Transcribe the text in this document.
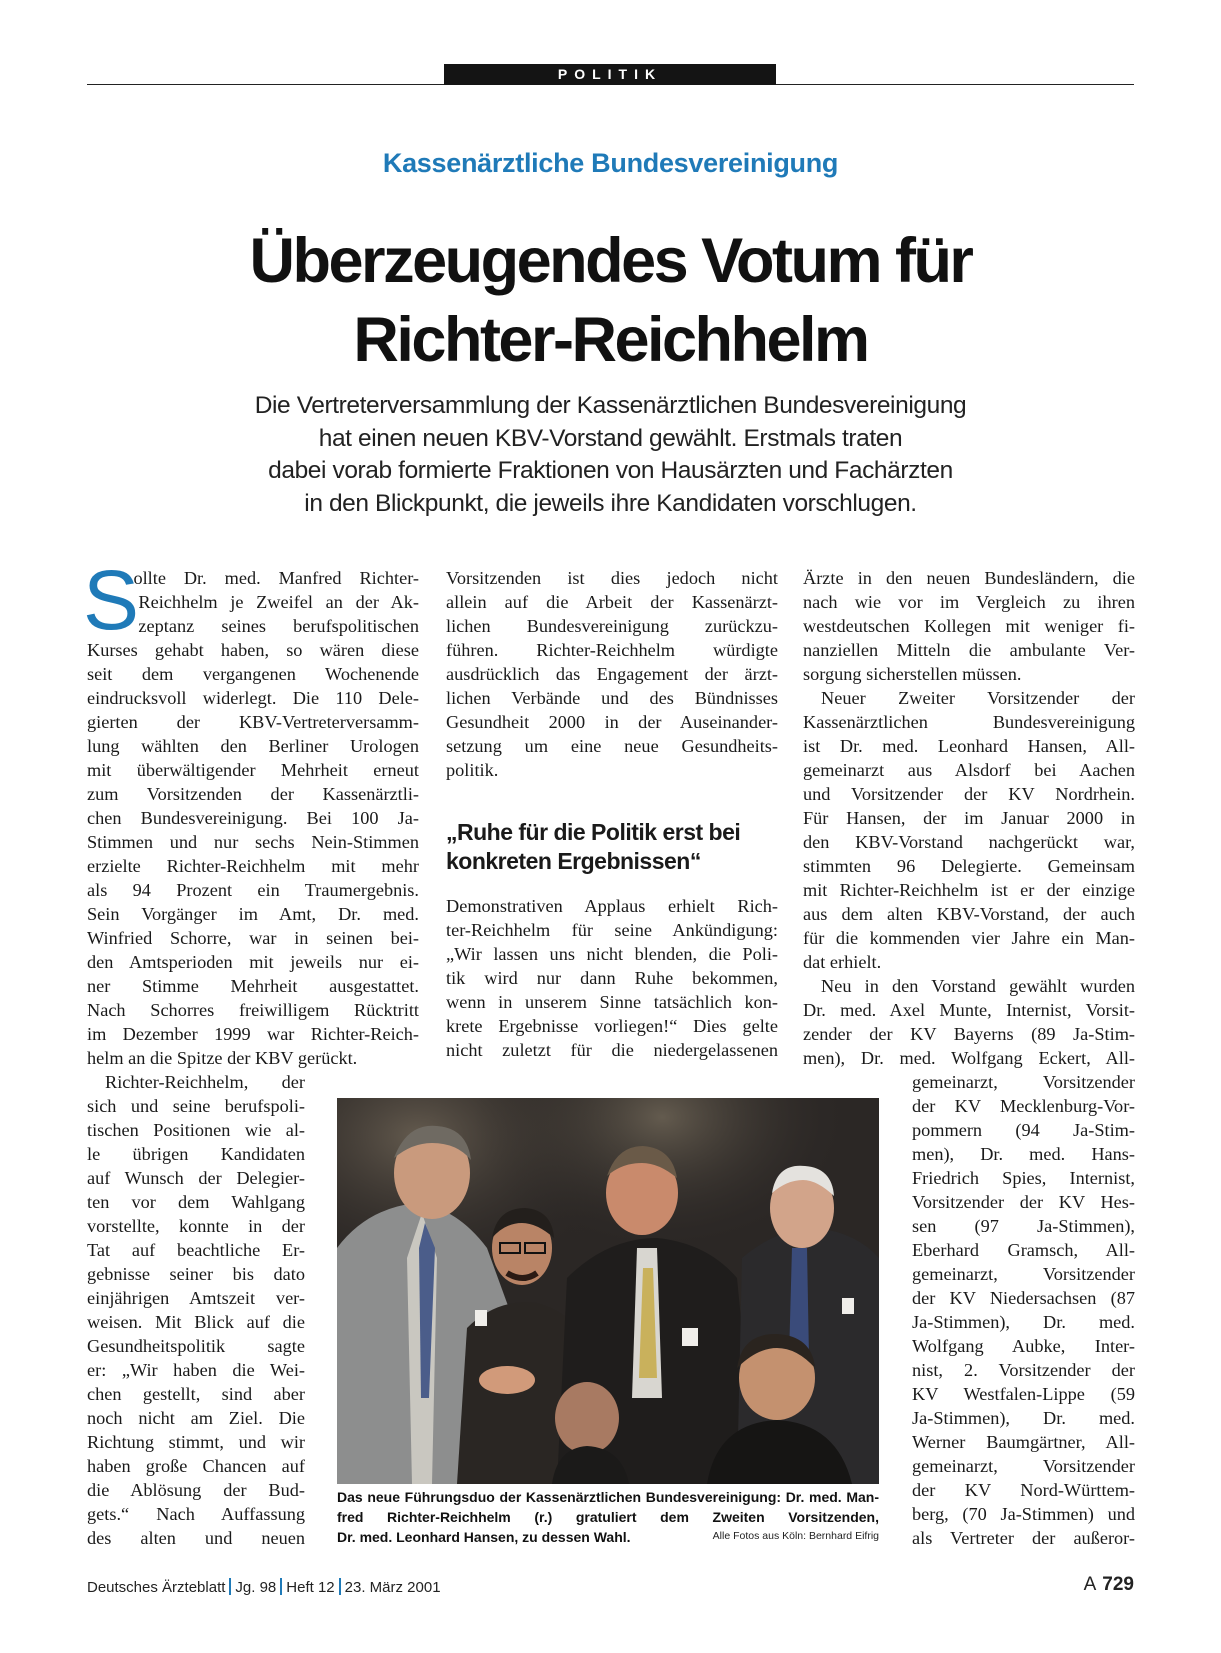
POLITIK
Kassenärztliche Bundesvereinigung
Überzeugendes Votum für
Richter-Reichhelm
Die Vertreterversammlung der Kassenärztlichen Bundesvereinigung
hat einen neuen KBV-Vorstand gewählt. Erstmals traten
dabei vorab formierte Fraktionen von Hausärzten und Fachärzten
in den Blickpunkt, die jeweils ihre Kandidaten vorschlugen.
S
ollte Dr. med. Manfred Richter-
Reichhelm je Zweifel an der Ak-
zeptanz seines berufspolitischen
Kurses gehabt haben, so wären diese
seit dem vergangenen Wochenende
eindrucksvoll widerlegt. Die 110 Dele-
gierten der KBV-Vertreterversamm-
lung wählten den Berliner Urologen
mit überwältigender Mehrheit erneut
zum Vorsitzenden der Kassenärztli-
chen Bundesvereinigung. Bei 100 Ja-
Stimmen und nur sechs Nein-Stimmen
erzielte Richter-Reichhelm mit mehr
als 94 Prozent ein Traumergebnis.
Sein Vorgänger im Amt, Dr. med.
Winfried Schorre, war in seinen bei-
den Amtsperioden mit jeweils nur ei-
ner Stimme Mehrheit ausgestattet.
Nach Schorres freiwilligem Rücktritt
im Dezember 1999 war Richter-Reich-
helm an die Spitze der KBV gerückt.
Richter-Reichhelm, der
sich und seine berufspoli-
tischen Positionen wie al-
le übrigen Kandidaten
auf Wunsch der Delegier-
ten vor dem Wahlgang
vorstellte, konnte in der
Tat auf beachtliche Er-
gebnisse seiner bis dato
einjährigen Amtszeit ver-
weisen. Mit Blick auf die
Gesundheitspolitik sagte
er: „Wir haben die Wei-
chen gestellt, sind aber
noch nicht am Ziel. Die
Richtung stimmt, und wir
haben große Chancen auf
die Ablösung der Bud-
gets.“ Nach Auffassung
des alten und neuen
Vorsitzenden ist dies jedoch nicht
allein auf die Arbeit der Kassenärzt-
lichen Bundesvereinigung zurückzu-
führen. Richter-Reichhelm würdigte
ausdrücklich das Engagement der ärzt-
lichen Verbände und des Bündnisses
Gesundheit 2000 in der Auseinander-
setzung um eine neue Gesundheits-
politik.
„Ruhe für die Politik erst bei
konkreten Ergebnissen“
Demonstrativen Applaus erhielt Rich-
ter-Reichhelm für seine Ankündigung:
„Wir lassen uns nicht blenden, die Poli-
tik wird nur dann Ruhe bekommen,
wenn in unserem Sinne tatsächlich kon-
krete Ergebnisse vorliegen!“ Dies gelte
nicht zuletzt für die niedergelassenen
Ärzte in den neuen Bundesländern, die
nach wie vor im Vergleich zu ihren
westdeutschen Kollegen mit weniger fi-
nanziellen Mitteln die ambulante Ver-
sorgung sicherstellen müssen.
Neuer Zweiter Vorsitzender der
Kassenärztlichen Bundesvereinigung
ist Dr. med. Leonhard Hansen, All-
gemeinarzt aus Alsdorf bei Aachen
und Vorsitzender der KV Nordrhein.
Für Hansen, der im Januar 2000 in
den KBV-Vorstand nachgerückt war,
stimmten 96 Delegierte. Gemeinsam
mit Richter-Reichhelm ist er der einzige
aus dem alten KBV-Vorstand, der auch
für die kommenden vier Jahre ein Man-
dat erhielt.
Neu in den Vorstand gewählt wurden
Dr. med. Axel Munte, Internist, Vorsit-
zender der KV Bayerns (89 Ja-Stim-
men), Dr. med. Wolfgang Eckert, All-
gemeinarzt, Vorsitzender
der KV Mecklenburg-Vor-
pommern (94 Ja-Stim-
men), Dr. med. Hans-
Friedrich Spies, Internist,
Vorsitzender der KV Hes-
sen (97 Ja-Stimmen),
Eberhard Gramsch, All-
gemeinarzt, Vorsitzender
der KV Niedersachsen (87
Ja-Stimmen), Dr. med.
Wolfgang Aubke, Inter-
nist, 2. Vorsitzender der
KV Westfalen-Lippe (59
Ja-Stimmen), Dr. med.
Werner Baumgärtner, All-
gemeinarzt, Vorsitzender
der KV Nord-Württem-
berg, (70 Ja-Stimmen) und
als Vertreter der außeror-
Das neue Führungsduo der Kassenärztlichen Bundesvereinigung: Dr. med. Man-
fred Richter-Reichhelm (r.) gratuliert dem Zweiten Vorsitzenden,
Dr. med. Leonhard Hansen, zu dessen Wahl.	Alle Fotos aus Köln: Bernhard Eifrig
Deutsches Ärzteblatt Jg. 98 Heft 12 23. März 2001	A 729
